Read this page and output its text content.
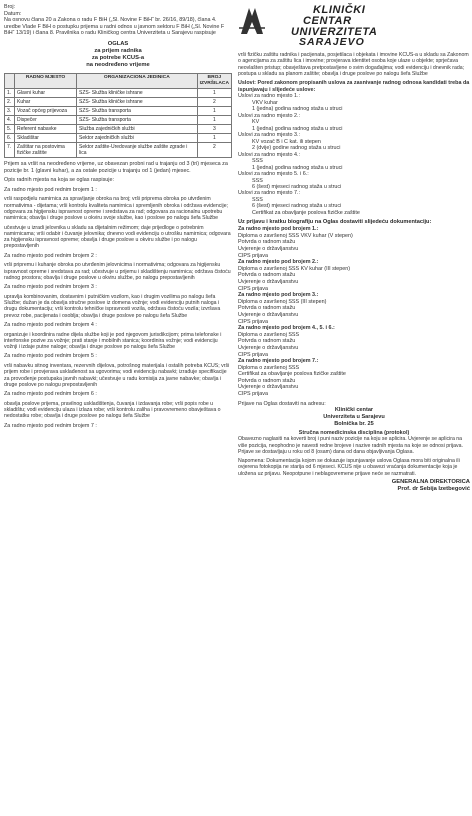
KLINIČKI
CENTAR
UNIVERZITETA
SARAJEVO
Broj:
Datum:
Na osnovu člana 20 a Zakona o radu F BiH („Sl. Novine F BiH“ br. 26/16, 89/18), člana 4. uredbe Vlade F BiH o postupku prijema u radni odnos u javnom sektoru F BiH („Sl. Novine F BiH“ 13/19) i člana 8. Pravilnika o radu Kliničkog centra Univerziteta u Sarajevu raspisuje
OGLAS
za prijem radnika
za potrebe KCUS-a
na neodređeno vrijeme
	RADNO MJESTO	ORGANIZACIONA JEDINICA	BROJ IZVRŠILACA
1.	Glavni kuhar	SZS- Služba kliničke ishrane	1
2.	Kuhar	SZS- Služba kliničke ishrane	2
3.	Vozač općeg prijevoza	SZS- Služba transporta	1
4.	Dispečer	SZS- Služba transporta	1
5.	Referent nabavke	Služba zajedničkih službi	3
6.	Skladištar	Sektor zajedničkih službi	1
7.	Zaštitar na postovima fizičke zaštite	Sektor zaštite-Uredovanje službe zaštite zgrade i lica	2
Prijem sa vršit na neodređeno vrijeme, uz obavezan probni rad u trajanju od 3 (tri) mjeseca za pozicije br. 1 (glavni kuhar), a za ostale pozicije u trajanju od 1 (jedan) mjesec.
Opis radnih mjesta na koja se oglas raspisuje:
Za radno mjesto pod rednim brojem 1 :
vrši raspodjelu namirnica za spravljanje obroka na broj; vrši priprema obroka po utvrđenim normativima - dijetama; vrši kontrolu kvaliteta namirnica i spremljenih obroka i održava evidencije; odgovara za higijensku ispravnost opreme i sredstava za rad; odgovara za racionalnu upotrebu namirnica; obavlja i druge poslove u okviru svoje službe, kao i poslove po nalogu šefa Službe
učestvuje u izradi jelovnika u skladu sa dijetalnim režimom; daje prijedloge o potrebnim namirnicama; vrši odabir i čuvanje jelovnika; dnevno vodi evidenciju o utrošku namirnica; odgovara za higijensku ispravnost opreme; obavlja i druge poslove u okviru službe i po nalogu prepostavljenih
Za radno mjesto pod rednim brojem 2 :
vrši pripremu i kuhanje obroka po utvrđenim jelovnicima i normativima; odgovara za higijensku ispravnost opreme i sredstava za rad; učestvuje u prijemu i skladištenju namirnica; održava čistoću radnog prostora; obavlja i druge poslove u okviru službe, po nalogu prepostavljenih
Za radno mjesto pod rednim brojem 3 :
upravlja kombinovanim, dostavnim i putničkim vozilom, kao i drugim vozilima po nalogu šefa Službe; dužan je da obavlja stručne poslove iz domena vožnje; vodi evidenciju putnih naloga i drugu dokumentaciju; vrši kontrolu tehničke ispravnosti vozila, održava čistoću vozila; izvršava prevoz robe, pacijenata i osoblja; obavlja i druge poslove po nalogu šefa Službe
Za radno mjesto pod rednim brojem 4 :
organizuje i koordinira radne dijela službe koji je pod njegovom jurisdikcijom; prima telefonske i interfonske pozive za vožnje; prati stanje i mobilnih stanica; koordinira vožnje; vodi evidenciju vožnji i izdaje putne naloge; obavlja i druge poslove po nalogu šefa Službe
Za radno mjesto pod rednim brojem 5 :
vrši nabavku sitnog inventara, rezervnih dijelova, potrošnog materijala i ostalih potreba KCUS; vrši prijem robe i provjerava usklađenost sa ugovorima; vodi evidenciju nabavki; izrađuje specifikacije za provođenje postupaka javnih nabavki; učestvuje u radu komisija za javne nabavke; obavlja i druge poslove po nalogu prepostavljenih
Za radno mjesto pod rednim brojem 6 :
obavlja poslove prijema, pravilnog uskladištenja, čuvanja i izdavanja robe; vrši popis robe u skladištu; vodi evidenciju ulaza i izlaza robe; vrši kontrolu zaliha i pravovremeno obavještava o nedostatku robe; obavlja i druge poslove po nalogu šefa Službe
Za radno mjesto pod rednim brojem 7 :
vrši fizičku zaštitu radnika i pacijenata, posjetilaca i objekata i imovine KCUS-a u skladu sa Zakonom o agencijama za zaštitu lica i imovine; provjerava identitet osoba koje ulaze u objekte; sprječava neovlašten pristup; obavještava pretpostavljene o svim događajima; vodi evidenciju i dnevnik rada; postupa u skladu sa planom zaštite; obavlja i druge poslove po nalogu šefa Službe
Uslovi: Pored zakonom propisanih uslova za zasnivanje radnog odnosa kandidati treba da ispunjavaju i slijedeće uslove:
Uslovi za radno mjesto 1.:
VKV kuhar
1 (jedna) godina radnog staža u struci
Uslovi za radno mjesto 2.:
KV
1 (jedna) godina radnog staža u struci
Uslovi za radno mjesto 3.:
KV vozač B i C kat. ili stepen
2 (dvije) godine radnog staža u struci
Uslovi za radno mjesto 4.:
SSS
1 (jedna) godina radnog staža u struci
Uslovi za radno mjesto 5. i 6.:
SSS
6 (šest) mjeseci radnog staža u struci
Uslovi za radno mjesto 7.:
SSS
6 (šest) mjeseci radnog staža u struci
Certifikat za obavljanje poslova fizičke zaštite
Uz prijavu i kratku biografiju na Oglas dostaviti slijedeću dokumentaciju:
Za radno mjesto pod brojem 1.:
Diploma o završenoj SSS VKV kuhar (V stepen)
Potvrda o radnom stažu
Uvjerenje o državljanstvu
CIPS prijava
Za radno mjesto pod brojem 2.:
Diploma o završenoj SSS KV kuhar (III stepen)
Potvrda o radnom stažu
Uvjerenje o državljanstvu
CIPS prijava
Za radno mjesto pod brojem 3.:
Diploma o završenoj SSS (III stepen)
Potvrda o radnom stažu
Uvjerenje o državljanstvu
CIPS prijava
Za radno mjesto pod brojem 4., 5. i 6.:
Diploma o završenoj SSS
Potvrda o radnom stažu
Uvjerenje o državljanstvu
CIPS prijava
Za radno mjesto pod brojem 7.:
Diploma o završenoj SSS
Certifikat za obavljanje poslova fizičke zaštite
Potvrda o radnom stažu
Uvjerenje o državljanstvu
CIPS prijava
Prijave na Oglas dostaviti na adresu:
Klinički centar
Univerziteta u Sarajevu
Bolnička br. 25
Stručna nomedicinska disciplina (protokol)
Obavezno naglasiti na koverti broj i puni naziv pozicije na koju se aplicira. Uvjerenje se aplicira na više pozicija, neophodno je navesti redne brojeve i nazive radnih mjesta na koje se odnosi prijava. Prijave se dostavljaju u roku od 8 (osam) dana od dana objavljivanja Oglasa.
Napomena: Dokumentacija kojom se dokazuje ispunjavanje uslova Oglasa mora biti originalna ili ovjerena fotokopija ne starija od 6 mjeseci. KCUS nije u obavezi vraćanja dokumentacije koja je uložena uz prijavu. Neopotpune i neblagovremene prijave neće se razmatrati.
GENERALNA DIREKTORICA
Prof. dr Sebija Izetbegović
